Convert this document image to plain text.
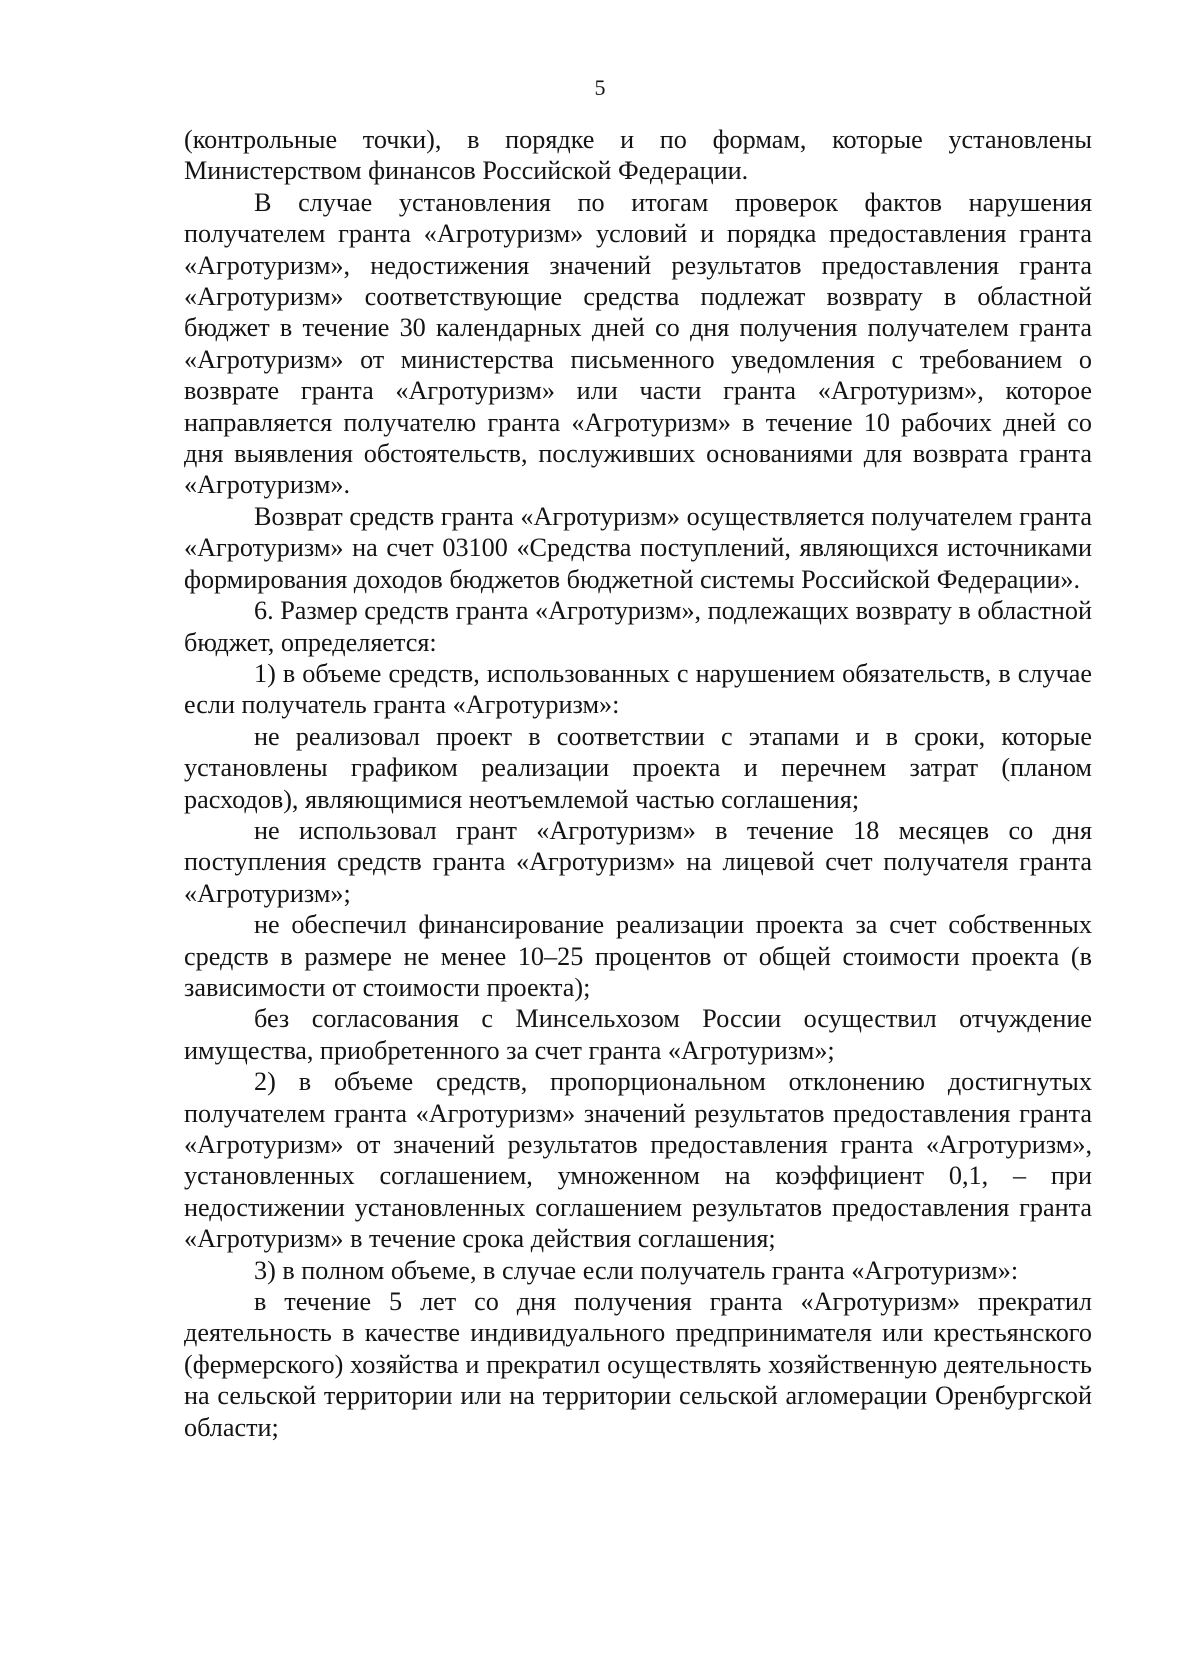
5

(контрольные точки), в порядке и по формам, которые установлены Министерством финансов Российской Федерации.

В случае установления по итогам проверок фактов нарушения получателем гранта «Агротуризм» условий и порядка предоставления гранта «Агротуризм», недостижения значений результатов предоставления гранта «Агротуризм» соответствующие средства подлежат возврату в областной бюджет в течение 30 календарных дней со дня получения получателем гранта «Агротуризм» от министерства письменного уведомления с требованием о возврате гранта «Агротуризм» или части гранта «Агротуризм», которое направляется получателю гранта «Агротуризм» в течение 10 рабочих дней со дня выявления обстоятельств, послуживших основаниями для возврата гранта «Агротуризм».

Возврат средств гранта «Агротуризм» осуществляется получателем гранта «Агротуризм» на счет 03100 «Средства поступлений, являющихся источниками формирования доходов бюджетов бюджетной системы Российской Федерации».

6. Размер средств гранта «Агротуризм», подлежащих возврату в областной бюджет, определяется:

1) в объеме средств, использованных с нарушением обязательств, в случае если получатель гранта «Агротуризм»:

не реализовал проект в соответствии с этапами и в сроки, которые установлены графиком реализации проекта и перечнем затрат (планом расходов), являющимися неотъемлемой частью соглашения;

не использовал грант «Агротуризм» в течение 18 месяцев со дня поступления средств гранта «Агротуризм» на лицевой счет получателя гранта «Агротуризм»;

не обеспечил финансирование реализации проекта за счет собственных средств в размере не менее 10–25 процентов от общей стоимости проекта (в зависимости от стоимости проекта);

без согласования с Минсельхозом России осуществил отчуждение имущества, приобретенного за счет гранта «Агротуризм»;

2) в объеме средств, пропорциональном отклонению достигнутых получателем гранта «Агротуризм» значений результатов предоставления гранта «Агротуризм» от значений результатов предоставления гранта «Агротуризм», установленных соглашением, умноженном на коэффициент 0,1, – при недостижении установленных соглашением результатов предоставления гранта «Агротуризм» в течение срока действия соглашения;

3) в полном объеме, в случае если получатель гранта «Агротуризм»:

в течение 5 лет со дня получения гранта «Агротуризм» прекратил деятельность в качестве индивидуального предпринимателя или крестьянского (фермерского) хозяйства и прекратил осуществлять хозяйственную деятельность на сельской территории или на территории сельской агломерации Оренбургской области;
